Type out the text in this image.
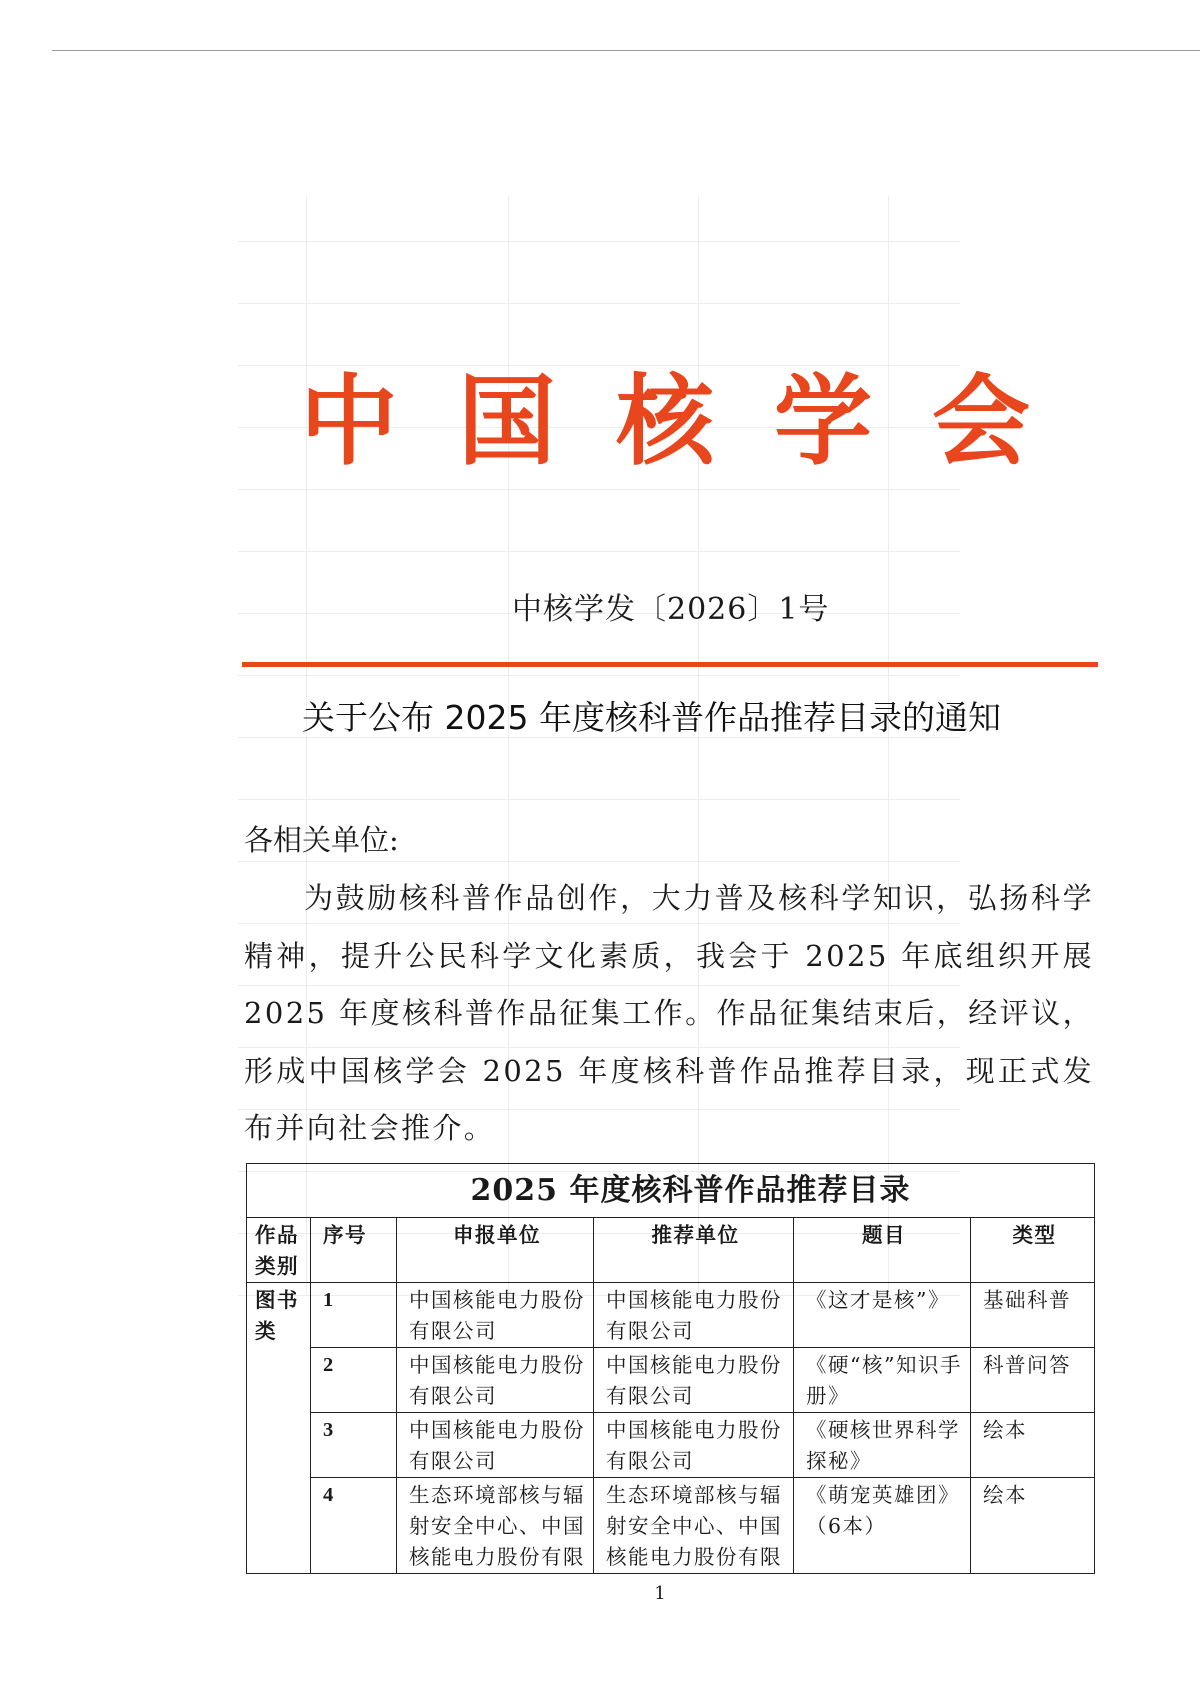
中 国 核 学 会
中核学发〔2026〕1号
关于公布 2025 年度核科普作品推荐目录的通知
各相关单位:
为鼓励核科普作品创作，大力普及核科学知识，弘扬科学精神，提升公民科学文化素质，我会于 2025 年底组织开展 2025 年度核科普作品征集工作。作品征集结束后，经评议，形成中国核学会 2025 年度核科普作品推荐目录，现正式发布并向社会推介。
2025 年度核科普作品推荐目录					
作品类别	序号	申报单位	推荐单位	题目	类型
图书类	1	中国核能电力股份有限公司	中国核能电力股份有限公司	《这才是核”》	基础科普
	2	中国核能电力股份有限公司	中国核能电力股份有限公司	《硬“核”知识手册》	科普问答
	3	中国核能电力股份有限公司	中国核能电力股份有限公司	《硬核世界科学探秘》	绘本
	4	生态环境部核与辐射安全中心、中国核能电力股份有限	生态环境部核与辐射安全中心、中国核能电力股份有限	《萌宠英雄团》（6本）	绘本
1
